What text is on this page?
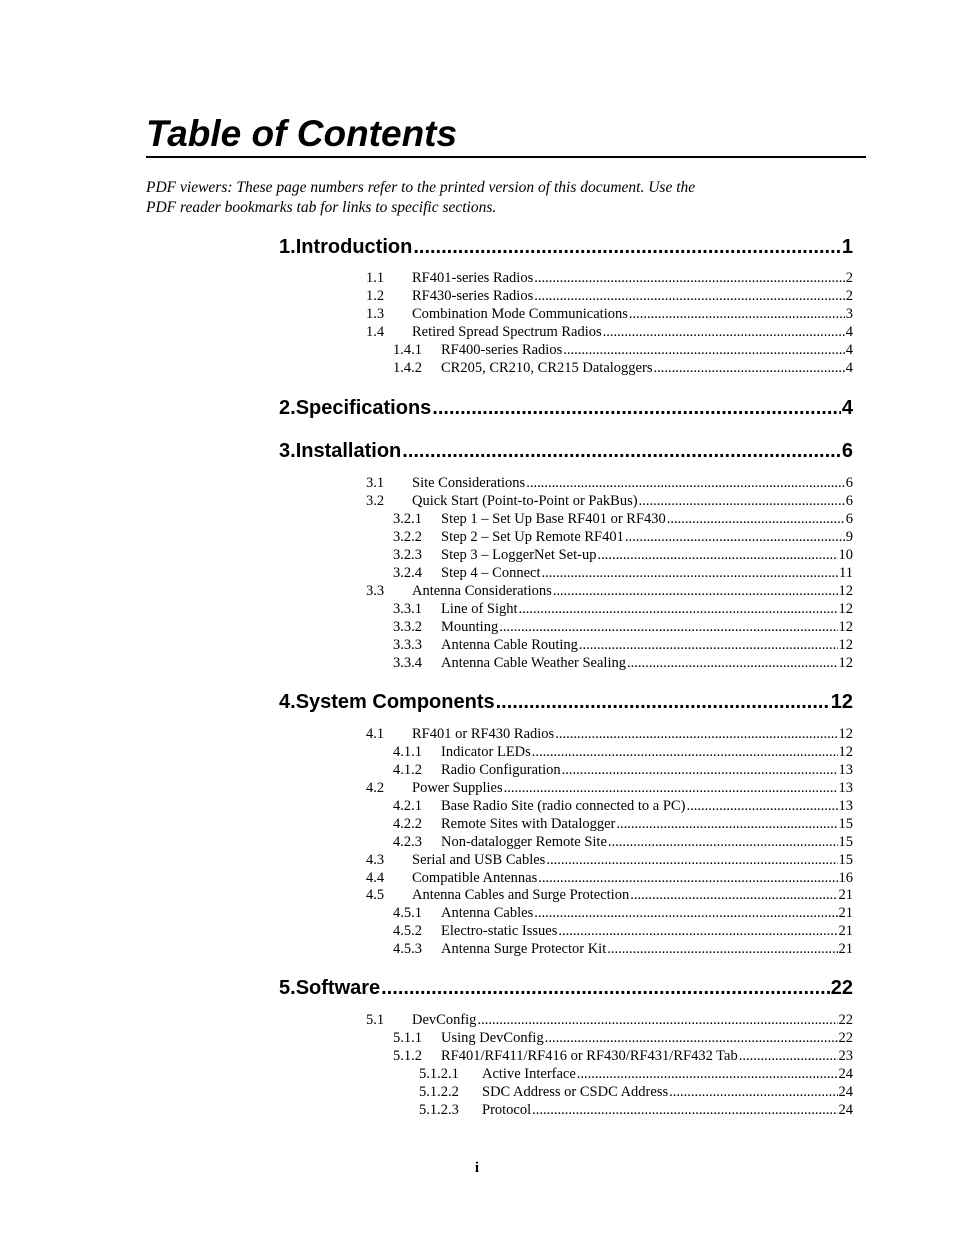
Table of Contents
PDF viewers: These page numbers refer to the printed version of this document. Use the
PDF reader bookmarks tab for links to specific sections.
1. Introduction .....	1
1.1	RF401-series Radios .....	2
1.2	RF430-series Radios .....	2
1.3	Combination Mode Communications .....	3
1.4	Retired Spread Spectrum Radios .....	4
1.4.1	RF400-series Radios .....	4
1.4.2	CR205, CR210, CR215 Dataloggers .....	4
2. Specifications .....	4
3. Installation .....	6
3.1	Site Considerations .....	6
3.2	Quick Start (Point-to-Point or PakBus) .....	6
3.2.1	Step 1 – Set Up Base RF401 or RF430 .....	6
3.2.2	Step 2 – Set Up Remote RF401 .....	9
3.2.3	Step 3 – LoggerNet Set-up .....	10
3.2.4	Step 4 – Connect .....	11
3.3	Antenna Considerations .....	12
3.3.1	Line of Sight .....	12
3.3.2	Mounting .....	12
3.3.3	Antenna Cable Routing .....	12
3.3.4	Antenna Cable Weather Sealing .....	12
4. System Components .....	12
4.1	RF401 or RF430 Radios .....	12
4.1.1	Indicator LEDs .....	12
4.1.2	Radio Configuration .....	13
4.2	Power Supplies .....	13
4.2.1	Base Radio Site (radio connected to a PC) .....	13
4.2.2	Remote Sites with Datalogger .....	15
4.2.3	Non-datalogger Remote Site .....	15
4.3	Serial and USB Cables .....	15
4.4	Compatible Antennas .....	16
4.5	Antenna Cables and Surge Protection .....	21
4.5.1	Antenna Cables .....	21
4.5.2	Electro-static Issues .....	21
4.5.3	Antenna Surge Protector Kit .....	21
5. Software .....	22
5.1	DevConfig .....	22
5.1.1	Using DevConfig .....	22
5.1.2	RF401/RF411/RF416 or RF430/RF431/RF432 Tab .....	23
5.1.2.1	Active Interface .....	24
5.1.2.2	SDC Address or CSDC Address .....	24
5.1.2.3	Protocol .....	24
i
